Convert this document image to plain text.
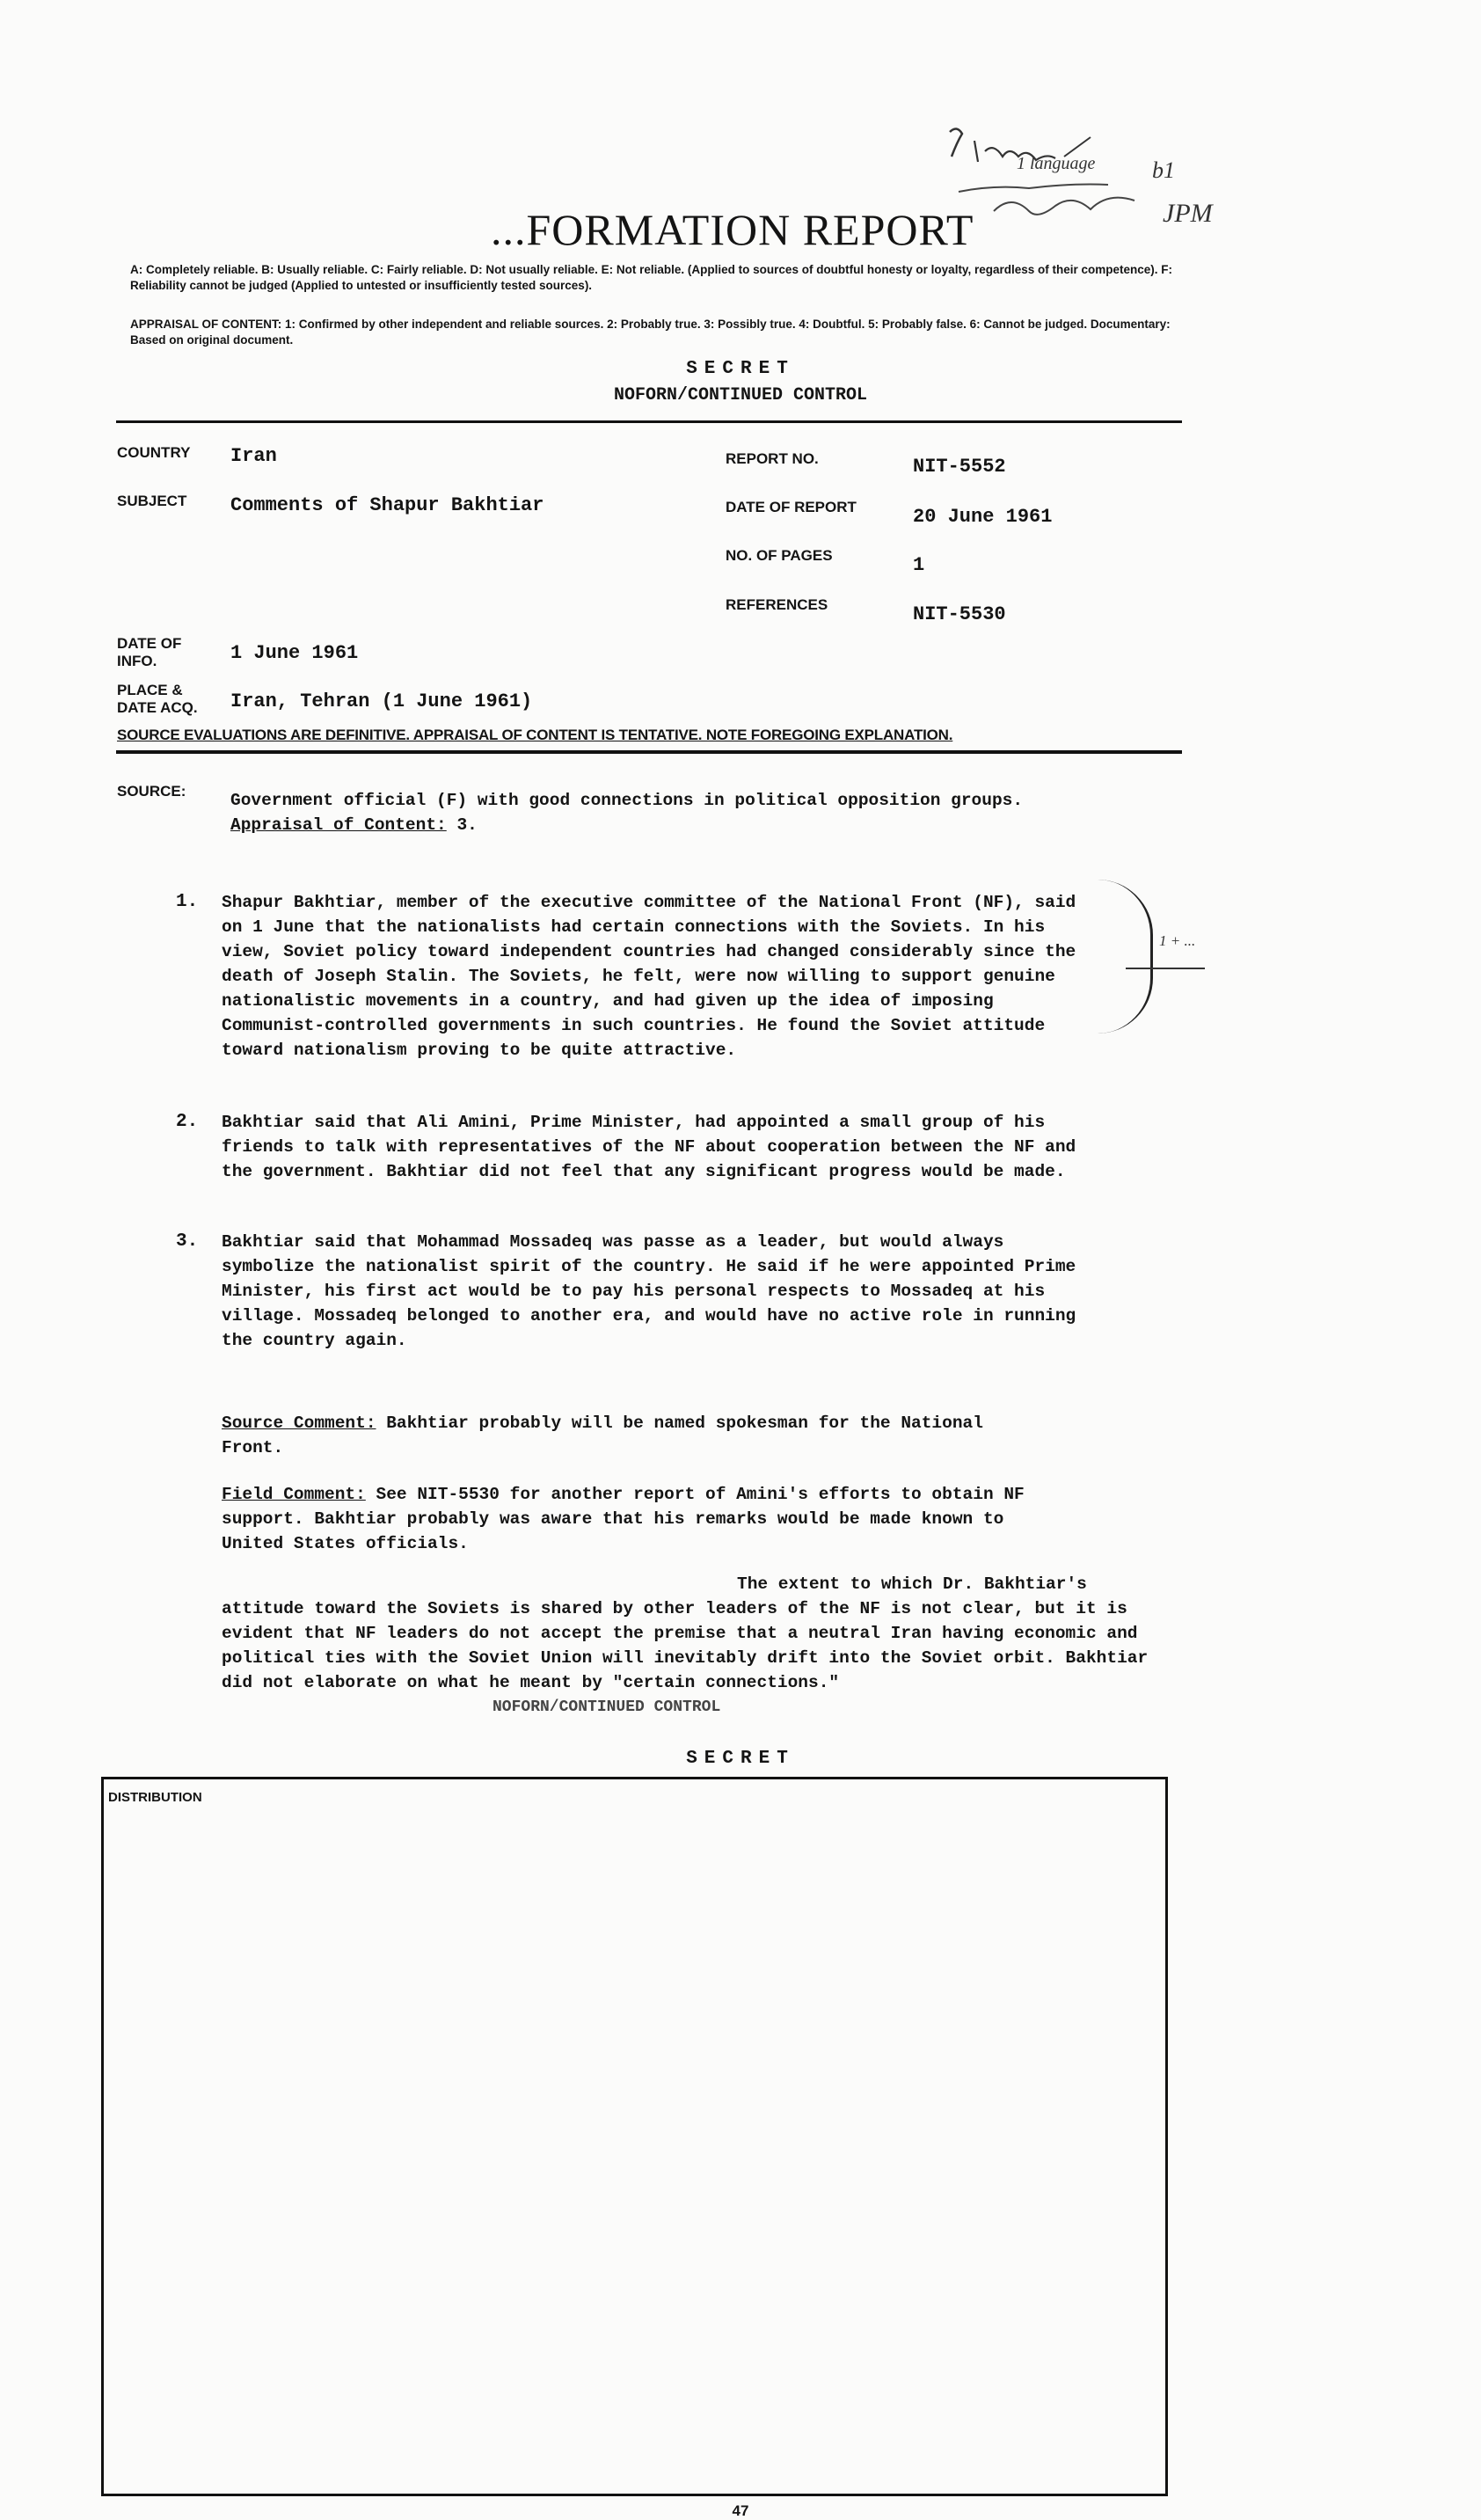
b1
JPM
1 language
...FORMATION REPORT
A: Completely reliable. B: Usually reliable. C: Fairly reliable. D: Not usually reliable. E: Not reliable. (Applied to sources of doubtful honesty or loyalty, regardless of their competence). F: Reliability cannot be judged (Applied to untested or insufficiently tested sources).
APPRAISAL OF CONTENT: 1: Confirmed by other independent and reliable sources. 2: Probably true. 3: Possibly true. 4: Doubtful. 5: Probably false. 6: Cannot be judged. Documentary: Based on original document.
SECRET
NOFORN/CONTINUED CONTROL
COUNTRY Iran
SUBJECT Comments of Shapur Bakhtiar
REPORT NO.	NIT-5552
DATE OF REPORT	20 June 1961
NO. OF PAGES	1
REFERENCES	NIT-5530
DATE OF INFO.	1 June 1961
PLACE & DATE ACQ.	Iran, Tehran (1 June 1961)
SOURCE EVALUATIONS ARE DEFINITIVE. APPRAISAL OF CONTENT IS TENTATIVE. NOTE FOREGOING EXPLANATION.
SOURCE:	Government official (F) with good connections in political opposition groups.
Appraisal of Content: 3.
1. Shapur Bakhtiar, member of the executive committee of the National Front (NF), said on 1 June that the nationalists had certain connections with the Soviets. In his view, Soviet policy toward independent countries had changed considerably since the death of Joseph Stalin. The Soviets, he felt, were now willing to support genuine nationalistic movements in a country, and had given up the idea of imposing Communist-controlled governments in such countries. He found the Soviet attitude toward nationalism proving to be quite attractive.
1 + ...
2. Bakhtiar said that Ali Amini, Prime Minister, had appointed a small group of his friends to talk with representatives of the NF about cooperation between the NF and the government. Bakhtiar did not feel that any significant progress would be made.
3. Bakhtiar said that Mohammad Mossadeq was passe as a leader, but would always symbolize the nationalist spirit of the country. He said if he were appointed Prime Minister, his first act would be to pay his personal respects to Mossadeq at his village. Mossadeq belonged to another era, and would have no active role in running the country again.
Source Comment: Bakhtiar probably will be named spokesman for the National Front.
Field Comment: See NIT-5530 for another report of Amini's efforts to obtain NF support. Bakhtiar probably was aware that his remarks would be made known to United States officials.
The extent to which Dr. Bakhtiar's
attitude toward the Soviets is shared by other leaders of the NF is not clear, but it is evident that NF leaders do not accept the premise that a neutral Iran having economic and political ties with the Soviet Union will inevitably drift into the Soviet orbit. Bakhtiar did not elaborate on what he meant by "certain connections."
NOFORN/CONTINUED CONTROL
SECRET
DISTRIBUTION
47
